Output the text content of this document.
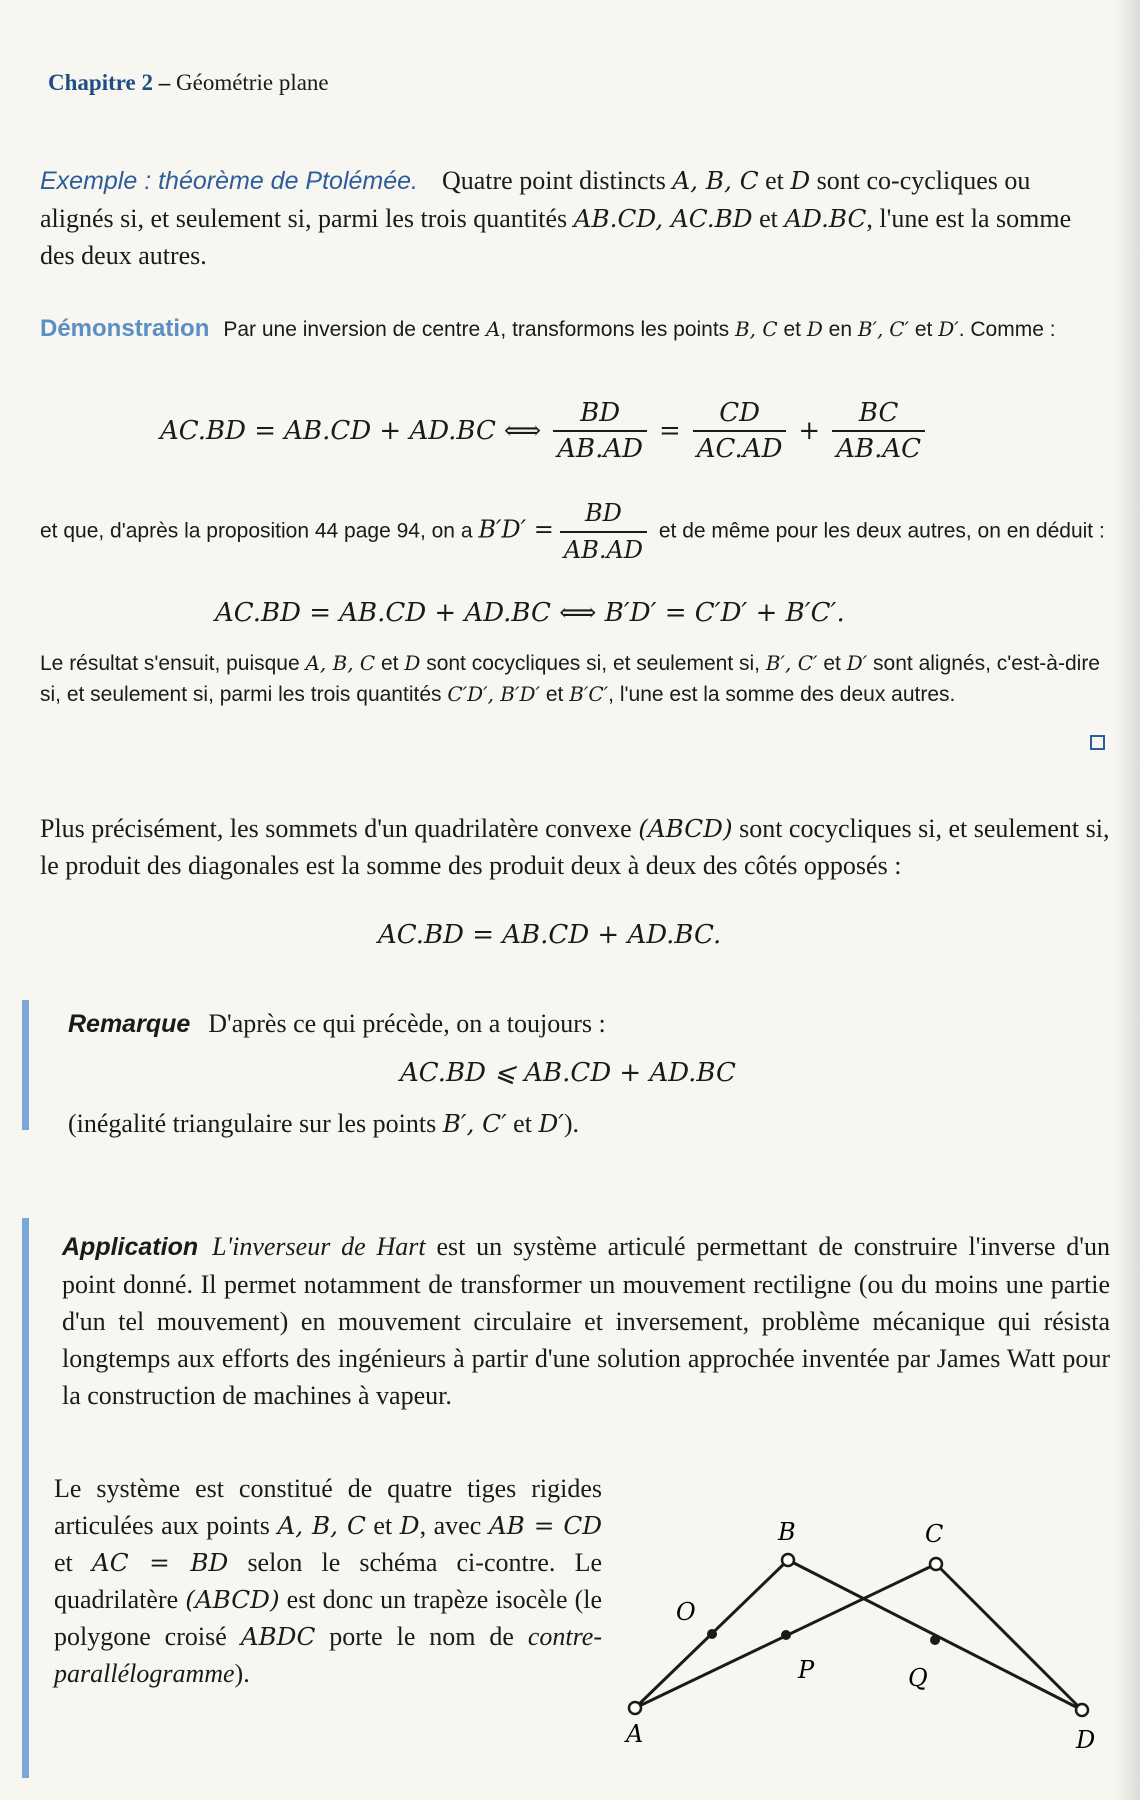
Chapitre 2 – Géométrie plane
Exemple : théorème de Ptolémée. Quatre point distincts A, B, C et D sont co-cycliques ou alignés si, et seulement si, parmi les trois quantités AB.CD, AC.BD et AD.BC, l'une est la somme des deux autres.
Démonstration Par une inversion de centre A, transformons les points B, C et D en B′, C′ et D′. Comme :
AC.BD = AB.CD + AD.BC ⟺ $\frac{BD}{AB.AD} = \frac{CD}{AC.AD} + \frac{BC}{AB.AC}$
et que, d'après la proposition 44 page 94, on a $B'D' = \frac{BD}{AB.AD}$ et de même pour les deux autres, on en déduit :
AC.BD = AB.CD + AD.BC ⟺ B′D′ = C′D′ + B′C′.
Le résultat s'ensuit, puisque A, B, C et D sont cocycliques si, et seulement si, B′, C′ et D′ sont alignés, c'est-à-dire si, et seulement si, parmi les trois quantités C′D′, B′D′ et B′C′, l'une est la somme des deux autres.
Plus précisément, les sommets d'un quadrilatère convexe (ABCD) sont cocycliques si, et seulement si, le produit des diagonales est la somme des produit deux à deux des côtés opposés :
AC.BD = AB.CD + AD.BC.
Remarque D'après ce qui précède, on a toujours :
AC.BD ⩽ AB.CD + AD.BC
(inégalité triangulaire sur les points B′, C′ et D′).
Application L'inverseur de Hart est un système articulé permettant de construire l'inverse d'un point donné. Il permet notamment de transformer un mouvement rectiligne (ou du moins une partie d'un tel mouvement) en mouvement circulaire et inversement, problème mécanique qui résista longtemps aux efforts des ingénieurs à partir d'une solution approchée inventée par James Watt pour la construction de machines à vapeur.
Le système est constitué de quatre tiges rigides articulées aux points A, B, C et D, avec AB = CD et AC = BD selon le schéma ci-contre. Le quadrilatère (ABCD) est donc un trapèze isocèle (le polygone croisé ABDC porte le nom de contre-parallélogramme).
A
B	C
D
O
P	Q
